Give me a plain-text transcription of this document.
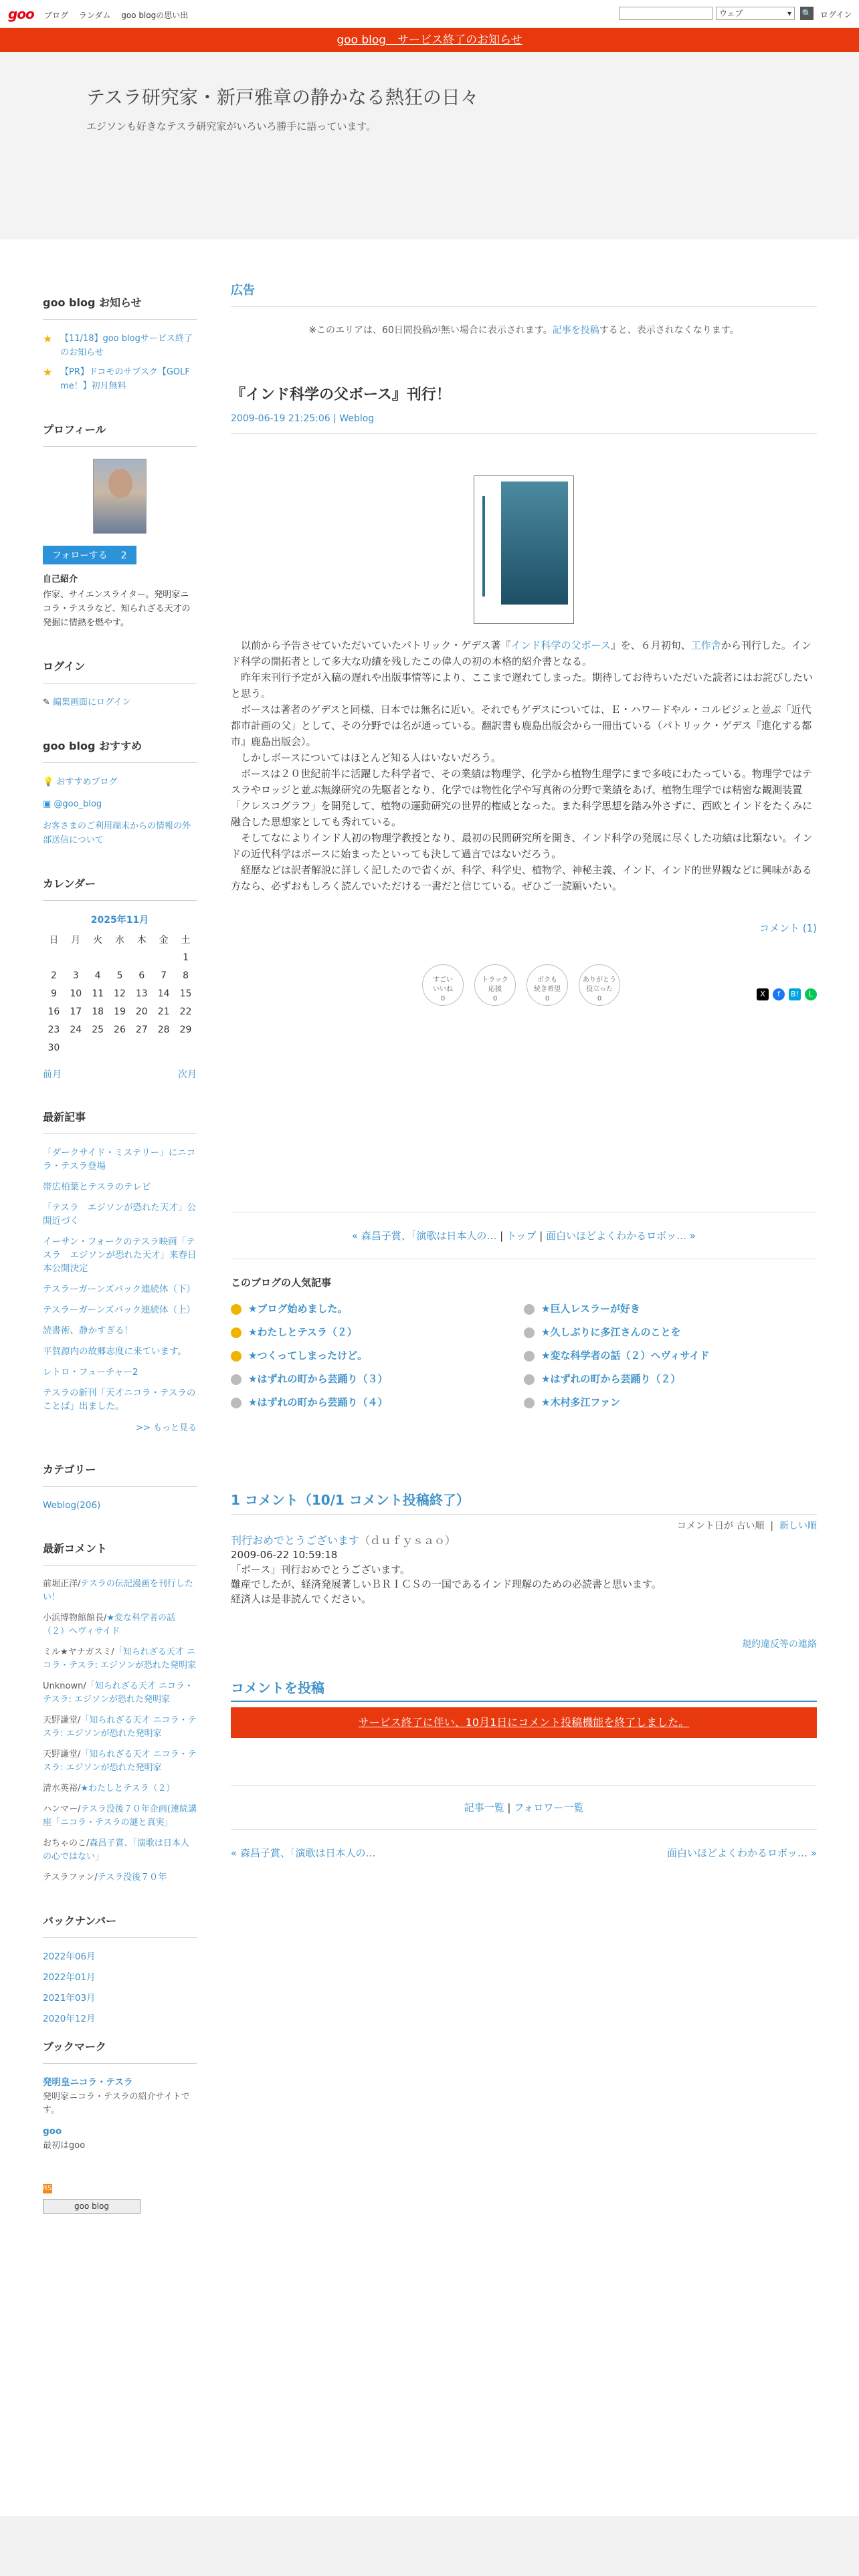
goo ブログ ランダム goo blogの思い出	ウェブ ▾	🔍 ログイン
goo blog　サービス終了のお知らせ
テスラ研究家・新戸雅章の静かなる熱狂の日々
エジソンも好きなテスラ研究家がいろいろ勝手に語っています。
goo blog お知らせ
★ 【11/18】goo blogサービス終了のお知らせ
★ 【PR】ドコモのサブスク【GOLF me！】初月無料
プロフィール
フォローする 2
自己紹介
作家、サイエンスライター。発明家ニコラ・テスラなど、知られざる天才の発掘に情熱を燃やす。
ログイン
✎ 編集画面にログイン
goo blog おすすめ
💡 おすすめブログ
▣ @goo_blog
お客さまのご利用端末からの情報の外部送信について
カレンダー
2025年11月
日	月	火	水	木	金	土
						1
2	3	4	5	6	7	8
9	10	11	12	13	14	15
16	17	18	19	20	21	22
23	24	25	26	27	28	29
30						
前月	次月
最新記事
「ダークサイド・ミステリー」にニコラ・テスラ登場
帯広柏葉とテスラのテレビ
「テスラ　エジソンが恐れた天才」公開近づく
イーサン・フォークのテスラ映画「テスラ　エジソンが恐れた天才」来春日本公開決定
テスラーガーンズバック連続体（下）
テスラーガーンズバック連続体（上）
読書術、静かすぎる！
平賀源内の故郷志度に来ています。
レトロ・フューチャー2
テスラの新刊「天才ニコラ・テスラのことば」出ました。
>> もっと見る
カテゴリー
Weblog(206)
最新コメント
前堀正洋/テスラの伝記漫画を刊行したい！
小浜博物館館長/★変な科学者の話（２）ヘヴィサイド
ミル★ヤナガスミ/「知られざる天才 ニコラ・テスラ: エジソンが恐れた発明家
Unknown/「知られざる天才 ニコラ・テスラ: エジソンが恐れた発明家
天野謙堂/「知られざる天才 ニコラ・テスラ: エジソンが恐れた発明家
天野謙堂/「知られざる天才 ニコラ・テスラ: エジソンが恐れた発明家
清水英裕/★わたしとテスラ（２）
ハンマー/テスラ没後７０年企画(連続講座「ニコラ・テスラの謎と真実」
おちゃのこ/森昌子賞、「演歌は日本人の心ではない」
テスラファン/テスラ没後７０年
バックナンバー
2022年06月
2022年01月
2021年03月
2020年12月
ブックマーク
発明皇ニコラ・テスラ
発明家ニコラ・テスラの紹介サイトです。
goo
最初はgoo
RSS
goo blog
広告
※このエリアは、60日間投稿が無い場合に表示されます。記事を投稿すると、表示されなくなります。
『インド科学の父ボース』刊行！
2009-06-19 21:25:06 | Weblog

　以前から予告させていただいていたパトリック・ゲデス著『インド科学の父ボース』を、６月初旬、工作舎から刊行した。インド科学の開拓者として多大な功績を残したこの偉人の初の本格的紹介書となる。

　昨年末刊行予定が入稿の遅れや出版事情等により、ここまで遅れてしまった。期待してお待ちいただいた読者にはお詫びしたいと思う。

　ボースは著者のゲデスと同様、日本では無名に近い。それでもゲデスについては、Ｅ・ハワードやル・コルビジェと並ぶ「近代都市計画の父」として、その分野では名が通っている。翻訳書も鹿島出版会から一冊出ている（パトリック・ゲデス『進化する都市』鹿島出版会）。

　しかしボースについてはほとんど知る人はいないだろう。

　ボースは２０世紀前半に活躍した科学者で、その業績は物理学、化学から植物生理学にまで多岐にわたっている。物理学ではテスラやロッジと並ぶ無線研究の先駆者となり、化学では物性化学や写真術の分野で業績をあげ、植物生理学では精密な観測装置「クレスコグラフ」を開発して、植物の運動研究の世界的権威となった。また科学思想を踏み外さずに、西欧とインドをたくみに融合した思想家としても秀れている。

　そしてなによりインド人初の物理学教授となり、最初の民間研究所を開き、インド科学の発展に尽くした功績は比類ない。インドの近代科学はボースに始まったといっても決して過言ではないだろう。

　経歴などは訳者解説に詳しく記したので省くが、科学、科学史、植物学、神秘主義、インド、インド的世界観などに興味がある方なら、必ずおもしろく読んでいただける一書だと信じている。ぜひご一読願いたい。

コメント (1)
すごい
いいね
0
トラック
応援
0
ボクも
続き希望
0
ありがとう
役立った
0
X	f	B!	L
« 森昌子賞、「演歌は日本人の… | トップ | 面白いほどよくわかるロボッ… »
このブログの人気記事
★ブログ始めました。	★巨人レスラーが好き
★わたしとテスラ（２）	★久しぶりに多江さんのことを
★つくってしまったけど。	★変な科学者の話（２）ヘヴィサイド
★はずれの町から芸踊り（３）	★はずれの町から芸踊り（２）
★はずれの町から芸踊り（４）	★木村多江ファン
1 コメント（10/1 コメント投稿終了）
コメント日が 古い順 | 新しい順
刊行おめでとうございます（ｄｕｆｙｓａｏ）
2009-06-22 10:59:18
「ボース」刊行おめでとうございます。
難産でしたが、経済発展著しいＢＲＩＣＳの一国であるインド理解のための必読書と思います。
経済人は是非読んでください。
規約違反等の連絡
コメントを投稿
サービス終了に伴い、10月1日にコメント投稿機能を終了しました。
記事一覧 | フォロワー一覧
« 森昌子賞、「演歌は日本人の…	面白いほどよくわかるロボッ… »
